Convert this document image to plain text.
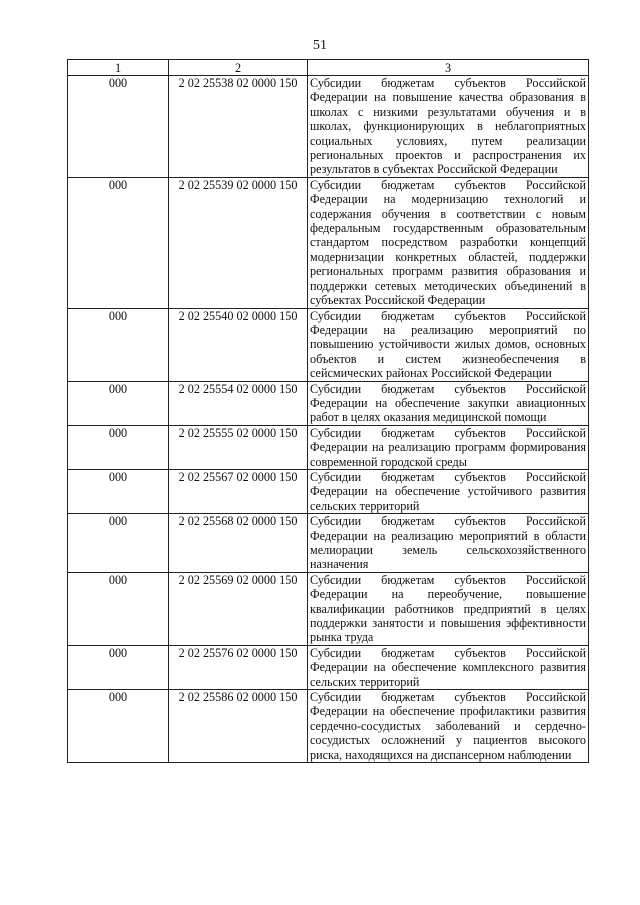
51
1	2	3
000	2 02 25538 02 0000 150	Субсидии бюджетам субъектов Российской Федерации на повышение качества образования в школах с низкими результатами обучения и в школах, функционирующих в неблагоприятных социальных условиях, путем реализации региональных проектов и распространения их результатов в субъектах Российской Федерации
000	2 02 25539 02 0000 150	Субсидии бюджетам субъектов Российской Федерации на модернизацию технологий и содержания обучения в соответствии с новым федеральным государственным образовательным стандартом посредством разработки концепций модернизации конкретных областей, поддержки региональных программ развития образования и поддержки сетевых методических объединений в субъектах Российской Федерации
000	2 02 25540 02 0000 150	Субсидии бюджетам субъектов Российской Федерации на реализацию мероприятий по повышению устойчивости жилых домов, основных объектов и систем жизнеобеспечения в сейсмических районах Российской Федерации
000	2 02 25554 02 0000 150	Субсидии бюджетам субъектов Российской Федерации на обеспечение закупки авиационных работ в целях оказания медицинской помощи
000	2 02 25555 02 0000 150	Субсидии бюджетам субъектов Российской Федерации на реализацию программ формирования современной городской среды
000	2 02 25567 02 0000 150	Субсидии бюджетам субъектов Российской Федерации на обеспечение устойчивого развития сельских территорий
000	2 02 25568 02 0000 150	Субсидии бюджетам субъектов Российской Федерации на реализацию мероприятий в области мелиорации земель сельскохозяйственного назначения
000	2 02 25569 02 0000 150	Субсидии бюджетам субъектов Российской Федерации на переобучение, повышение квалификации работников предприятий в целях поддержки занятости и повышения эффективности рынка труда
000	2 02 25576 02 0000 150	Субсидии бюджетам субъектов Российской Федерации на обеспечение комплексного развития сельских территорий
000	2 02 25586 02 0000 150	Субсидии бюджетам субъектов Российской Федерации на обеспечение профилактики развития сердечно-сосудистых заболеваний и сердечно-сосудистых осложнений у пациентов высокого риска, находящихся на диспансерном наблюдении
